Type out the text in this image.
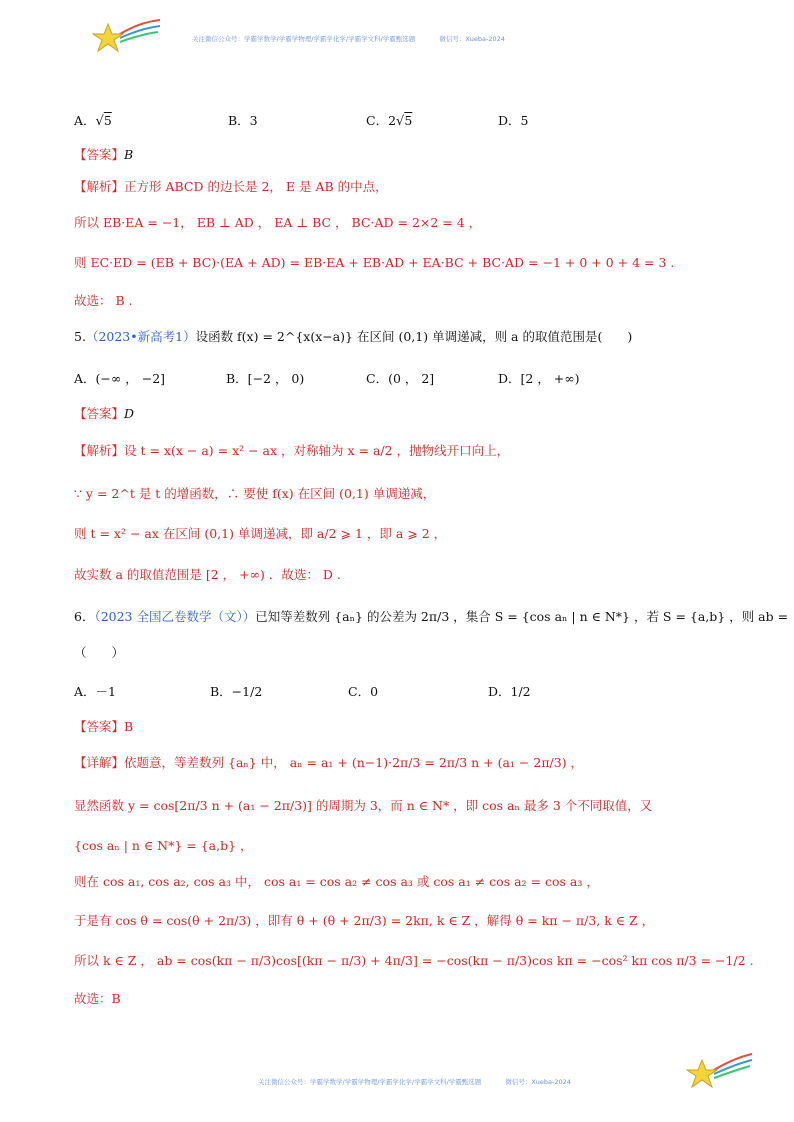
关注微信公众号：学霸学数学/学霸学物理/学霸学化学/学霸学文科/学霸甄选题	微信号：Xueba-2024
A．√5	B．3	C．2√5	D．5
【答案】B
【解析】正方形 ABCD 的边长是 2， E 是 AB 的中点，
所以 EB·EA = −1， EB ⊥ AD ， EA ⊥ BC ， BC·AD = 2×2 = 4 ，
则 EC·ED = (EB + BC)·(EA + AD) = EB·EA + EB·AD + EA·BC + BC·AD = −1 + 0 + 0 + 4 = 3 .
故选： B .
5.（2023•新高考1）设函数 f(x) = 2^{x(x−a)} 在区间 (0,1) 单调递减，则 a 的取值范围是(　　)
A．(−∞ ， −2]	B．[−2 ， 0)	C．(0 ， 2]	D．[2 ， +∞)
【答案】D
【解析】设 t = x(x − a) = x² − ax ，对称轴为 x = a/2 ，抛物线开口向上，
∵ y = 2^t 是 t 的增函数，∴ 要使 f(x) 在区间 (0,1) 单调递减，
则 t = x² − ax 在区间 (0,1) 单调递减，即 a/2 ⩾ 1 ，即 a ⩾ 2 ，
故实数 a 的取值范围是 [2 ， +∞) ．故选： D .
6．（2023 全国乙卷数学（文））已知等差数列 {aₙ} 的公差为 2π/3 ，集合 S = {cos aₙ | n ∈ N*} ，若 S = {a,b} ，则 ab =
（　　）
A．－1	B．−1/2	C．0	D．1/2
【答案】B
【详解】依题意，等差数列 {aₙ} 中， aₙ = a₁ + (n−1)·2π/3 = 2π/3 n + (a₁ − 2π/3) ，
显然函数 y = cos[2π/3 n + (a₁ − 2π/3)] 的周期为 3，而 n ∈ N* ，即 cos aₙ 最多 3 个不同取值，又
{cos aₙ | n ∈ N*} = {a,b} ，
则在 cos a₁, cos a₂, cos a₃ 中， cos a₁ = cos a₂ ≠ cos a₃ 或 cos a₁ ≠ cos a₂ = cos a₃ ，
于是有 cos θ = cos(θ + 2π/3) ，即有 θ + (θ + 2π/3) = 2kπ, k ∈ Z ，解得 θ = kπ − π/3, k ∈ Z ，
所以 k ∈ Z ， ab = cos(kπ − π/3)cos[(kπ − π/3) + 4π/3] = −cos(kπ − π/3)cos kπ = −cos² kπ cos π/3 = −1/2 .
故选：B
关注微信公众号：学霸学数学/学霸学物理/学霸学化学/学霸学文科/学霸甄选题	微信号：Xueba-2024
